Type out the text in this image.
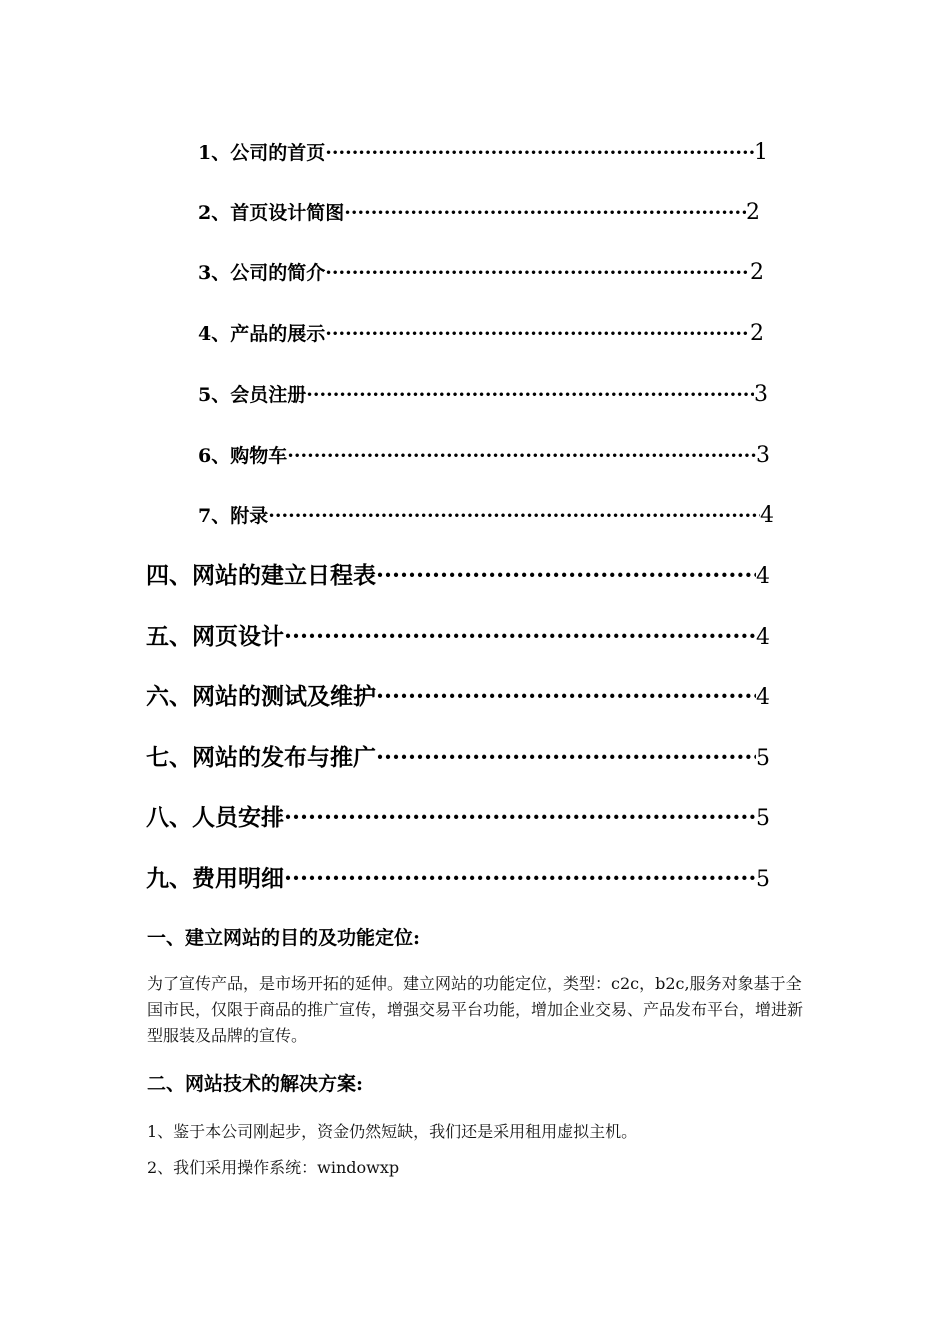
1、公司的首页 ·····	1
2、首页设计简图 ·····	2
3、公司的简介 ·····	2
4、产品的展示 ·····	2
5、会员注册 ·····	3
6、购物车 ·····	3
7、附录 ·····	4
四、网站的建立日程表 ·····	4
五、网页设计 ·····	4
六、网站的测试及维护 ·····	4
七、网站的发布与推广 ·····	5
八、人员安排 ·····	5
九、费用明细 ·····	5
一、建立网站的目的及功能定位:
为了宣传产品，是市场开拓的延伸。建立网站的功能定位，类型：c2c，b2c,服务对象基于全国市民，仅限于商品的推广宣传，增强交易平台功能，增加企业交易、产品发布平台，增进新型服装及品牌的宣传。
二、网站技术的解决方案:
1、鉴于本公司刚起步，资金仍然短缺，我们还是采用租用虚拟主机。
2、我们采用操作系统：windowxp
